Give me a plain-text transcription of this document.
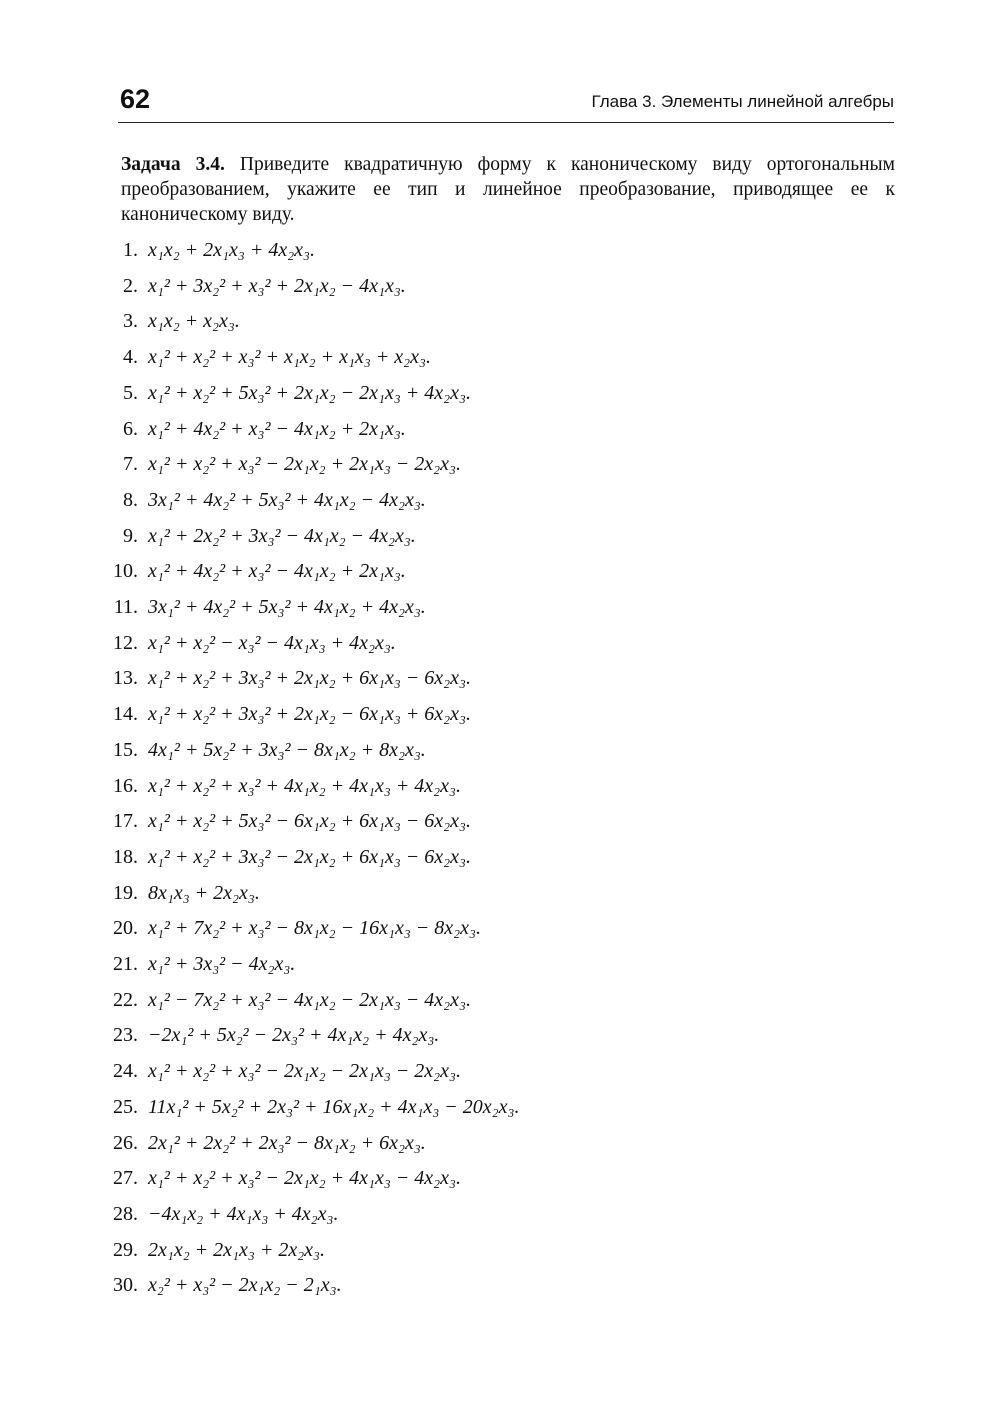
62	Глава 3. Элементы линейной алгебры
Задача 3.4. Приведите квадратичную форму к каноническому виду ортогональным преобразованием, укажите ее тип и линейное преобразование, приводящее ее к каноническому виду.
1. x₁x₂ + 2x₁x₃ + 4x₂x₃.
2. x₁² + 3x₂² + x₃² + 2x₁x₂ − 4x₁x₃.
3. x₁x₂ + x₂x₃.
4. x₁² + x₂² + x₃² + x₁x₂ + x₁x₃ + x₂x₃.
5. x₁² + x₂² + 5x₃² + 2x₁x₂ − 2x₁x₃ + 4x₂x₃.
6. x₁² + 4x₂² + x₃² − 4x₁x₂ + 2x₁x₃.
7. x₁² + x₂² + x₃² − 2x₁x₂ + 2x₁x₃ − 2x₂x₃.
8. 3x₁² + 4x₂² + 5x₃² + 4x₁x₂ − 4x₂x₃.
9. x₁² + 2x₂² + 3x₃² − 4x₁x₂ − 4x₂x₃.
10. x₁² + 4x₂² + x₃² − 4x₁x₂ + 2x₁x₃.
11. 3x₁² + 4x₂² + 5x₃² + 4x₁x₂ + 4x₂x₃.
12. x₁² + x₂² − x₃² − 4x₁x₃ + 4x₂x₃.
13. x₁² + x₂² + 3x₃² + 2x₁x₂ + 6x₁x₃ − 6x₂x₃.
14. x₁² + x₂² + 3x₃² + 2x₁x₂ − 6x₁x₃ + 6x₂x₃.
15. 4x₁² + 5x₂² + 3x₃² − 8x₁x₂ + 8x₂x₃.
16. x₁² + x₂² + x₃² + 4x₁x₂ + 4x₁x₃ + 4x₂x₃.
17. x₁² + x₂² + 5x₃² − 6x₁x₂ + 6x₁x₃ − 6x₂x₃.
18. x₁² + x₂² + 3x₃² − 2x₁x₂ + 6x₁x₃ − 6x₂x₃.
19. 8x₁x₃ + 2x₂x₃.
20. x₁² + 7x₂² + x₃² − 8x₁x₂ − 16x₁x₃ − 8x₂x₃.
21. x₁² + 3x₃² − 4x₂x₃.
22. x₁² − 7x₂² + x₃² − 4x₁x₂ − 2x₁x₃ − 4x₂x₃.
23. −2x₁² + 5x₂² − 2x₃² + 4x₁x₂ + 4x₂x₃.
24. x₁² + x₂² + x₃² − 2x₁x₂ − 2x₁x₃ − 2x₂x₃.
25. 11x₁² + 5x₂² + 2x₃² + 16x₁x₂ + 4x₁x₃ − 20x₂x₃.
26. 2x₁² + 2x₂² + 2x₃² − 8x₁x₂ + 6x₂x₃.
27. x₁² + x₂² + x₃² − 2x₁x₂ + 4x₁x₃ − 4x₂x₃.
28. −4x₁x₂ + 4x₁x₃ + 4x₂x₃.
29. 2x₁x₂ + 2x₁x₃ + 2x₂x₃.
30. x₂² + x₃² − 2x₁x₂ − 2₁x₃.
